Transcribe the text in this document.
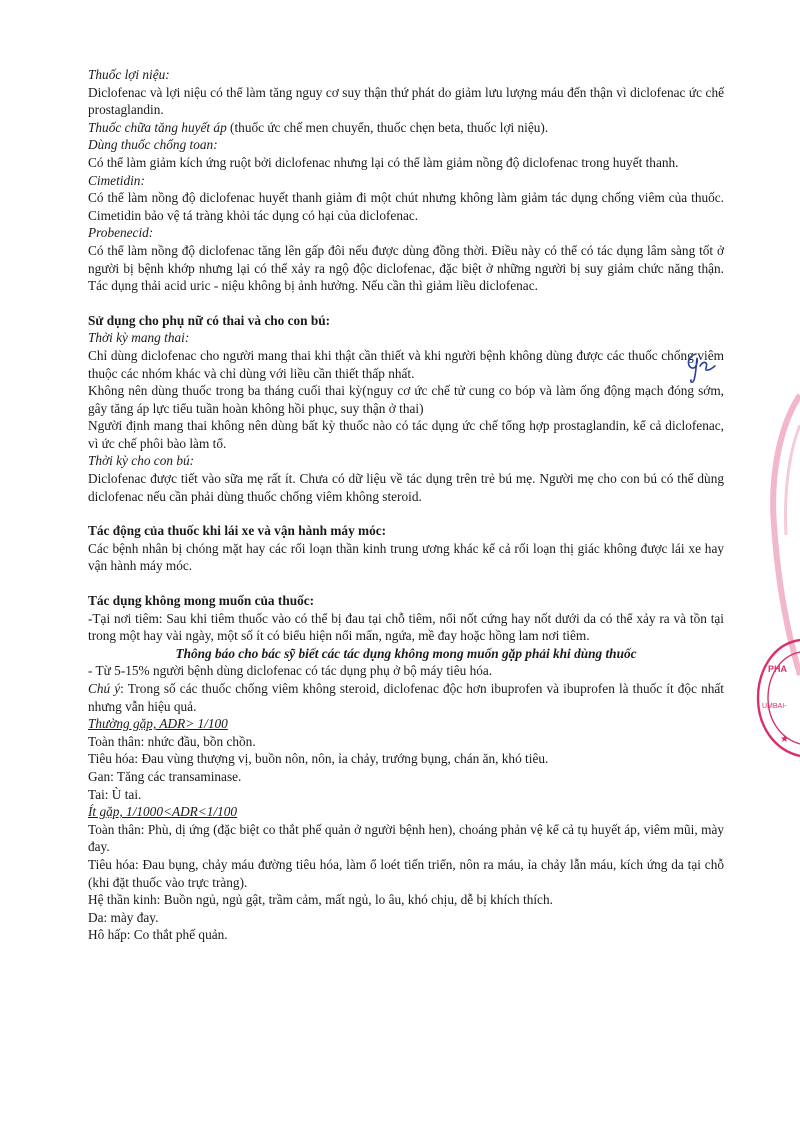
Thuốc lợi niệu:
Diclofenac và lợi niệu có thể làm tăng nguy cơ suy thận thứ phát do giảm lưu lượng máu đến thận vì diclofenac ức chế prostaglandin.
Thuốc chữa tăng huyết áp (thuốc ức chế men chuyển, thuốc chẹn beta, thuốc lợi niệu).
Dùng thuốc chống toan:
Có thể làm giảm kích ứng ruột bởi diclofenac nhưng lại có thể làm giảm nồng độ diclofenac trong huyết thanh.
Cimetidin:
Có thể làm nồng độ diclofenac huyết thanh giảm đi một chút nhưng không làm giảm tác dụng chống viêm của thuốc. Cimetidin bảo vệ tá tràng khỏi tác dụng có hại của diclofenac.
Probenecid:
Có thể làm nồng độ diclofenac tăng lên gấp đôi nếu được dùng đồng thời. Điều này có thể có tác dụng lâm sàng tốt ở người bị bệnh khớp nhưng lại có thể xảy ra ngộ độc diclofenac, đặc biệt ở những người bị suy giảm chức năng thận. Tác dụng thải acid uric - niệu không bị ảnh hưởng. Nếu cần thì giảm liều diclofenac.
Sử dụng cho phụ nữ có thai và cho con bú:
Thời kỳ mang thai:
Chỉ dùng diclofenac cho người mang thai khi thật cần thiết và khi người bệnh không dùng được các thuốc chống viêm thuộc các nhóm khác và chỉ dùng với liều cần thiết thấp nhất.
Không nên dùng thuốc trong ba tháng cuối thai kỳ(nguy cơ ức chế tử cung co bóp và làm ống động mạch đóng sớm, gây tăng áp lực tiểu tuần hoàn không hồi phục, suy thận ở thai)
Người định mang thai không nên dùng bất kỳ thuốc nào có tác dụng ức chế tổng hợp prostaglandin, kể cả diclofenac, vì ức chế phôi bào làm tổ.
Thời kỳ cho con bú:
Diclofenac được tiết vào sữa mẹ rất ít. Chưa có dữ liệu về tác dụng trên trẻ bú mẹ. Người mẹ cho con bú có thể dùng diclofenac nếu cần phải dùng thuốc chống viêm không steroid.
Tác động của thuốc khi lái xe và vận hành máy móc:
Các bệnh nhân bị chóng mặt hay các rối loạn thần kinh trung ương khác kể cả rối loạn thị giác không được lái xe hay vận hành máy móc.
Tác dụng không mong muốn của thuốc:
-Tại nơi tiêm: Sau khi tiêm thuốc vào có thể bị đau tại chỗ tiêm, nổi nốt cứng hay nốt dưới da có thể xảy ra và tồn tại trong một hay vài ngày, một số ít có biểu hiện nổi mẩn, ngứa, mề đay hoặc hồng lam nơi tiêm.
Thông báo cho bác sỹ biết các tác dụng không mong muốn gặp phải khi dùng thuốc
- Từ 5-15% người bệnh dùng diclofenac có tác dụng phụ ở bộ máy tiêu hóa.
Chú ý: Trong số các thuốc chống viêm không steroid, diclofenac độc hơn ibuprofen và ibuprofen là thuốc ít độc nhất nhưng vẫn hiệu quả.
Thường gặp, ADR> 1/100
Toàn thân: nhức đầu, bồn chồn.
Tiêu hóa: Đau vùng thượng vị, buồn nôn, nôn, ỉa chảy, trướng bụng, chán ăn, khó tiêu.
Gan: Tăng các transaminase.
Tai: Ù tai.
Ít gặp, 1/1000<ADR<1/100
Toàn thân: Phù, dị ứng (đặc biệt co thắt phế quản ở người bệnh hen), choáng phản vệ kể cả tụ huyết áp, viêm mũi, mày đay.
Tiêu hóa: Đau bụng, chảy máu đường tiêu hóa, làm ổ loét tiến triển, nôn ra máu, ỉa chảy lẫn máu, kích ứng da tại chỗ (khi đặt thuốc vào trực tràng).
Hệ thần kinh: Buồn ngủ, ngủ gật, trầm cảm, mất ngủ, lo âu, khó chịu, dễ bị khích thích.
Da: mày đay.
Hô hấp: Co thắt phế quản.
PHA
UMBAI-
★
